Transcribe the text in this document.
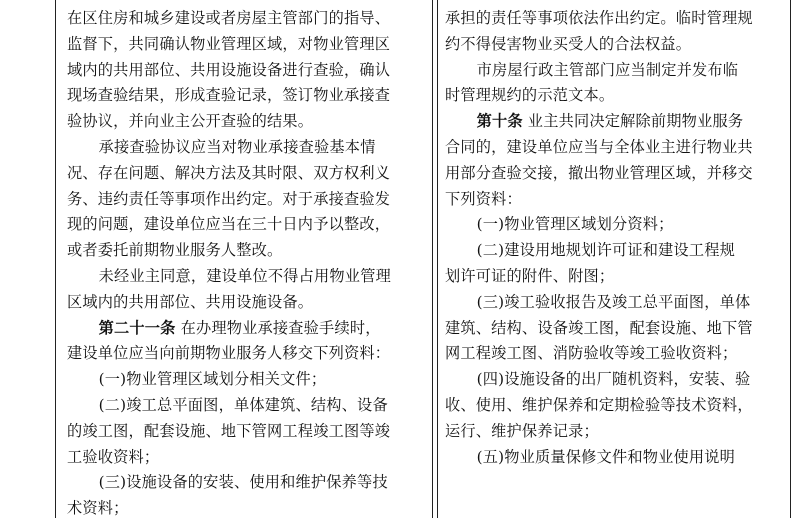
在区住房和城乡建设或者房屋主管部门的指导、
监督下，共同确认物业管理区域，对物业管理区
域内的共用部位、共用设施设备进行查验，确认
现场查验结果，形成查验记录，签订物业承接查
验协议，并向业主公开查验的结果。
承接查验协议应当对物业承接查验基本情
况、存在问题、解决方法及其时限、双方权利义
务、违约责任等事项作出约定。对于承接查验发
现的问题，建设单位应当在三十日内予以整改，
或者委托前期物业服务人整改。
未经业主同意，建设单位不得占用物业管理
区域内的共用部位、共用设施设备。
第二十一条 在办理物业承接查验手续时，
建设单位应当向前期物业服务人移交下列资料：
(一)物业管理区域划分相关文件；
(二)竣工总平面图，单体建筑、结构、设备
的竣工图，配套设施、地下管网工程竣工图等竣
工验收资料；
(三)设施设备的安装、使用和维护保养等技
术资料；
承担的责任等事项依法作出约定。临时管理规
约不得侵害物业买受人的合法权益。
市房屋行政主管部门应当制定并发布临
时管理规约的示范文本。
第十条 业主共同决定解除前期物业服务
合同的，建设单位应当与全体业主进行物业共
用部分查验交接，撤出物业管理区域，并移交
下列资料：
(一)物业管理区域划分资料；
(二)建设用地规划许可证和建设工程规
划许可证的附件、附图；
(三)竣工验收报告及竣工总平面图，单体
建筑、结构、设备竣工图，配套设施、地下管
网工程竣工图、消防验收等竣工验收资料；
(四)设施设备的出厂随机资料，安装、验
收、使用、维护保养和定期检验等技术资料，
运行、维护保养记录；
(五)物业质量保修文件和物业使用说明
